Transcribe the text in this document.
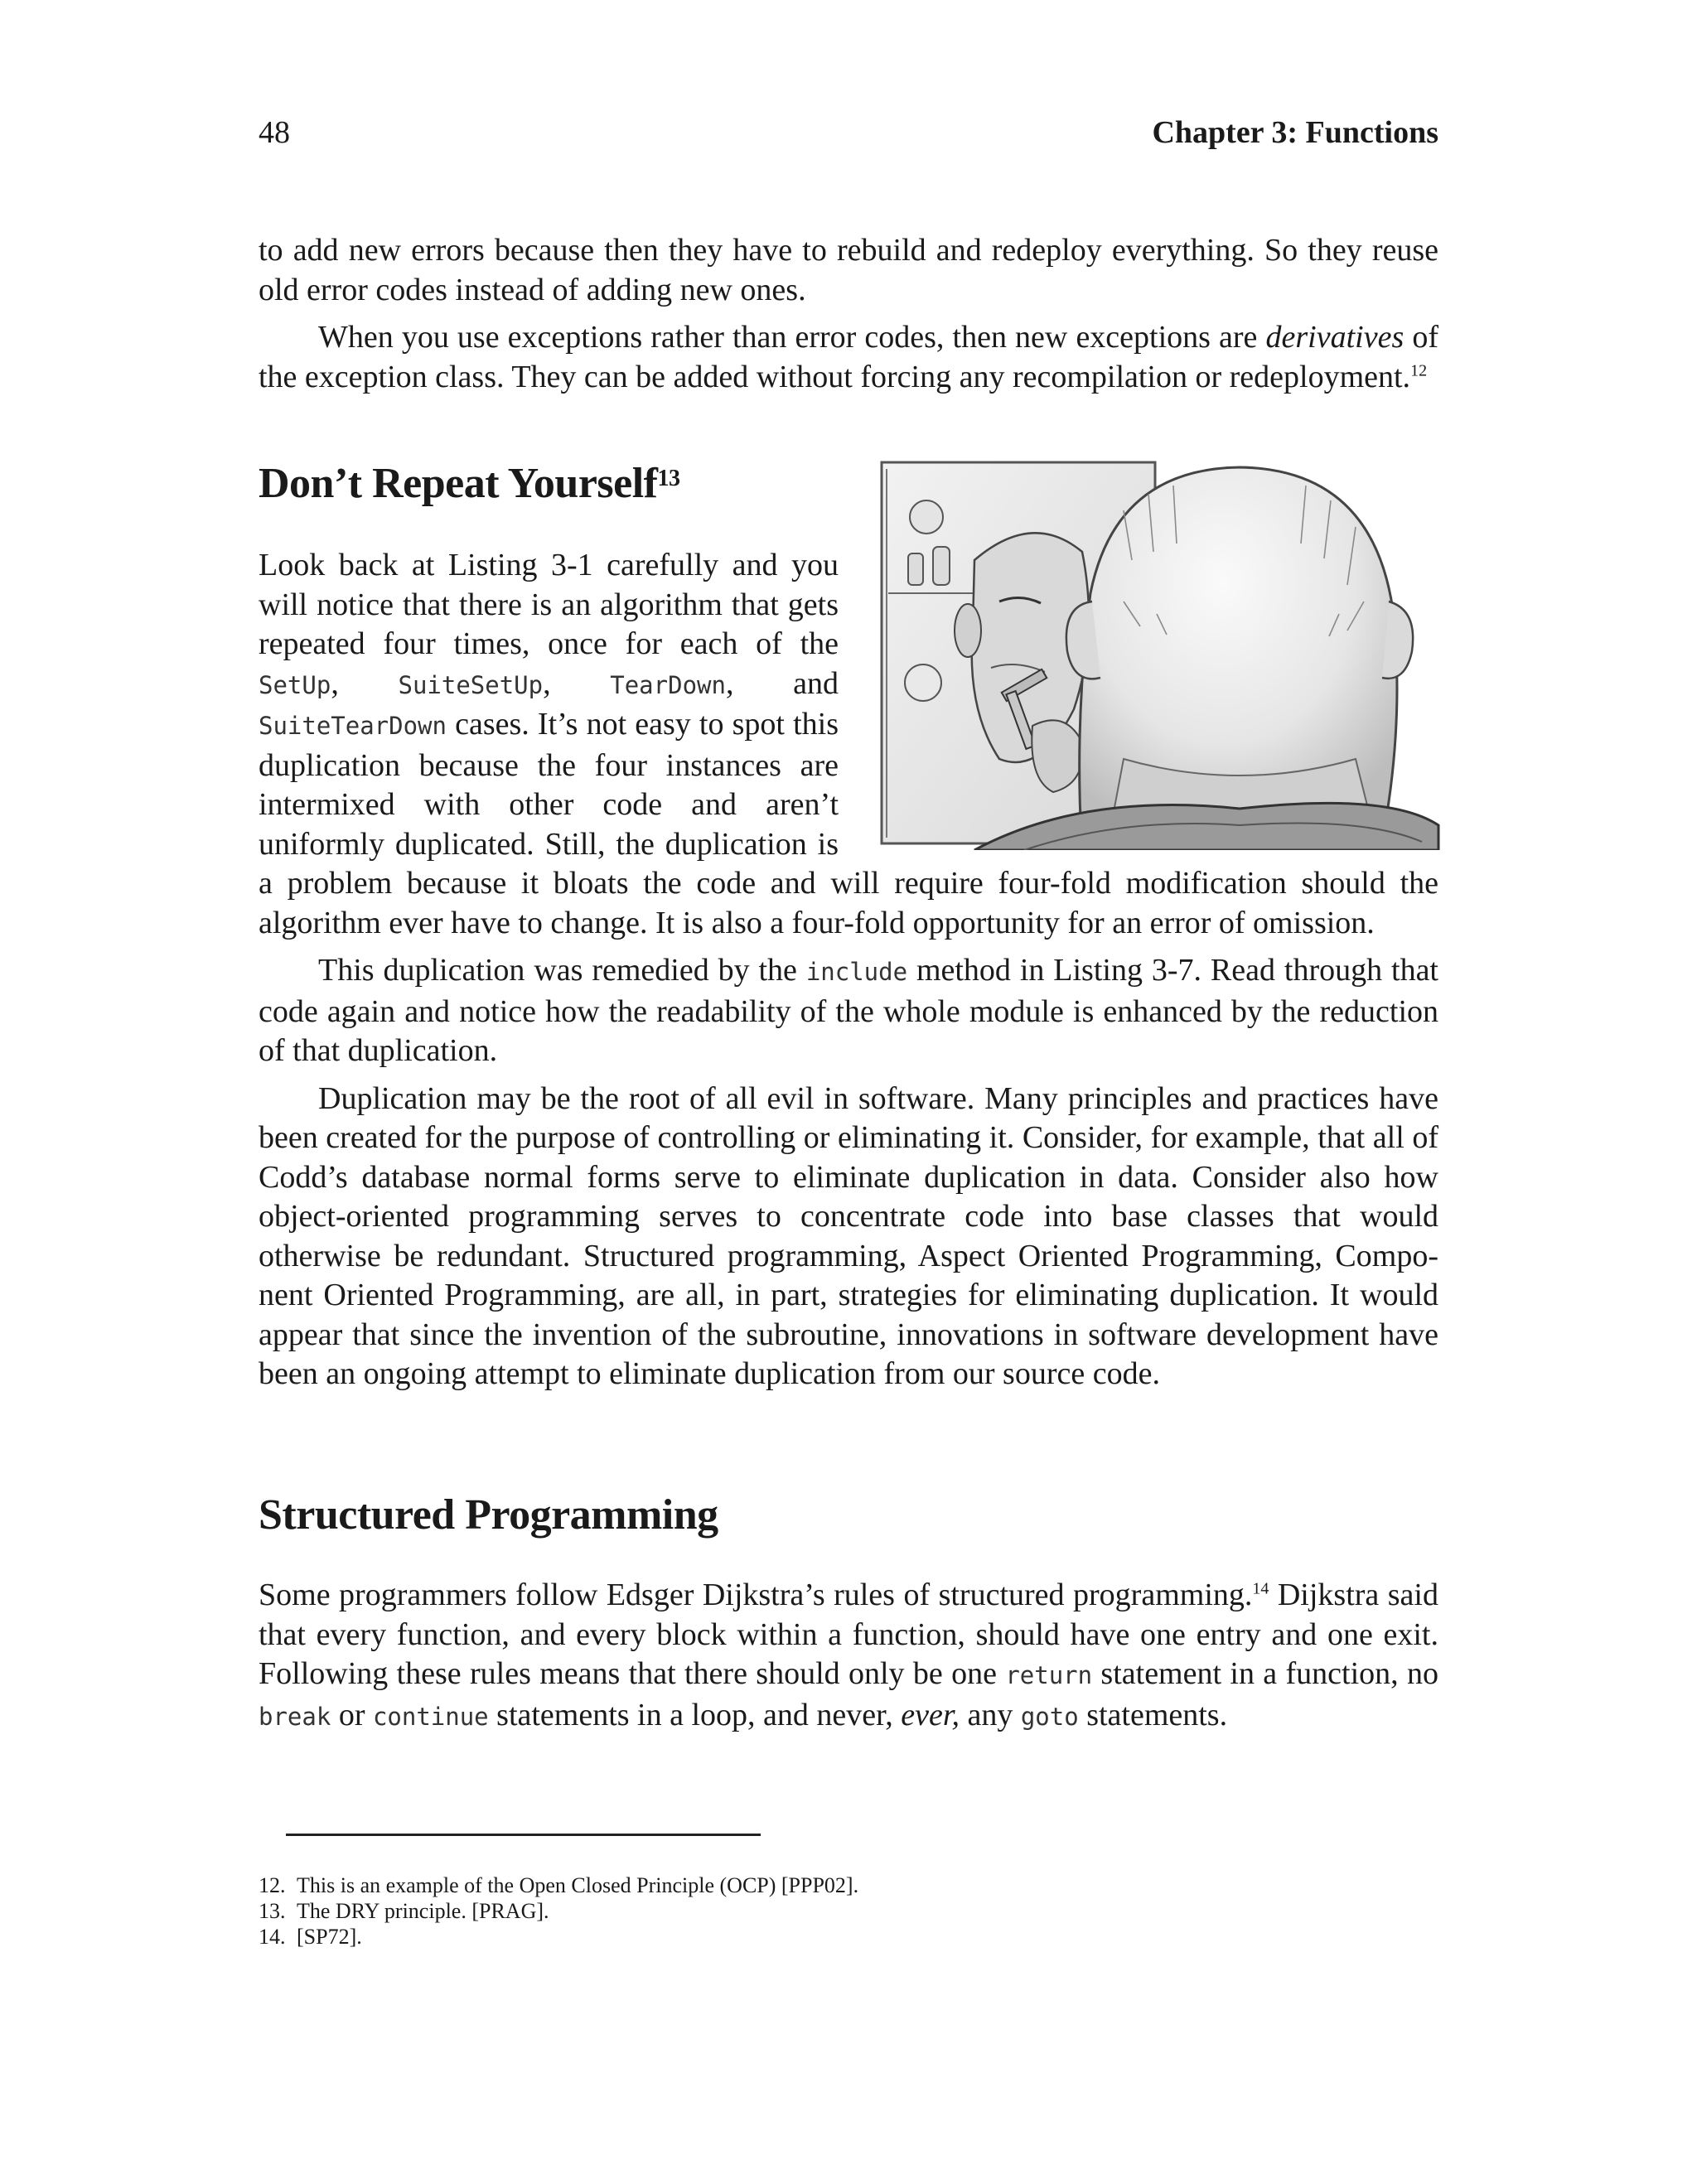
48	Chapter 3: Functions

to add new errors because then they have to rebuild and redeploy everything. So they reuse old error codes instead of adding new ones.

When you use exceptions rather than error codes, then new exceptions are derivatives of the exception class. They can be added without forcing any recompilation or redeployment.$^{12}$

Don’t Repeat Yourself$^{13}$

Look back at Listing 3-1 carefully and you will notice that there is an algorithm that gets repeated four times, once for each of the SetUp, SuiteSetUp, TearDown, and SuiteTearDown cases. It’s not easy to spot this duplication because the four instances are intermixed with other code and aren’t uniformly duplicated. Still, the duplication is a problem because it bloats the code and will require four-fold modification should the algorithm ever have to change. It is also a four-fold opportunity for an error of omission.

This duplication was remedied by the include method in Listing 3-7. Read through that code again and notice how the readability of the whole module is enhanced by the reduction of that duplication.

Duplication may be the root of all evil in software. Many principles and practices have been created for the purpose of controlling or eliminating it. Consider, for example, that all of Codd’s database normal forms serve to eliminate duplication in data. Consider also how object-oriented programming serves to concentrate code into base classes that would otherwise be redundant. Structured programming, Aspect Oriented Programming, Component Oriented Programming, are all, in part, strategies for eliminating duplication. It would appear that since the invention of the subroutine, innovations in software development have been an ongoing attempt to eliminate duplication from our source code.

Structured Programming

Some programmers follow Edsger Dijkstra’s rules of structured programming.$^{14}$ Dijkstra said that every function, and every block within a function, should have one entry and one exit. Following these rules means that there should only be one return statement in a function, no break or continue statements in a loop, and never, ever, any goto statements.

12. This is an example of the Open Closed Principle (OCP) [PPP02].
13. The DRY principle. [PRAG].
14. [SP72].
